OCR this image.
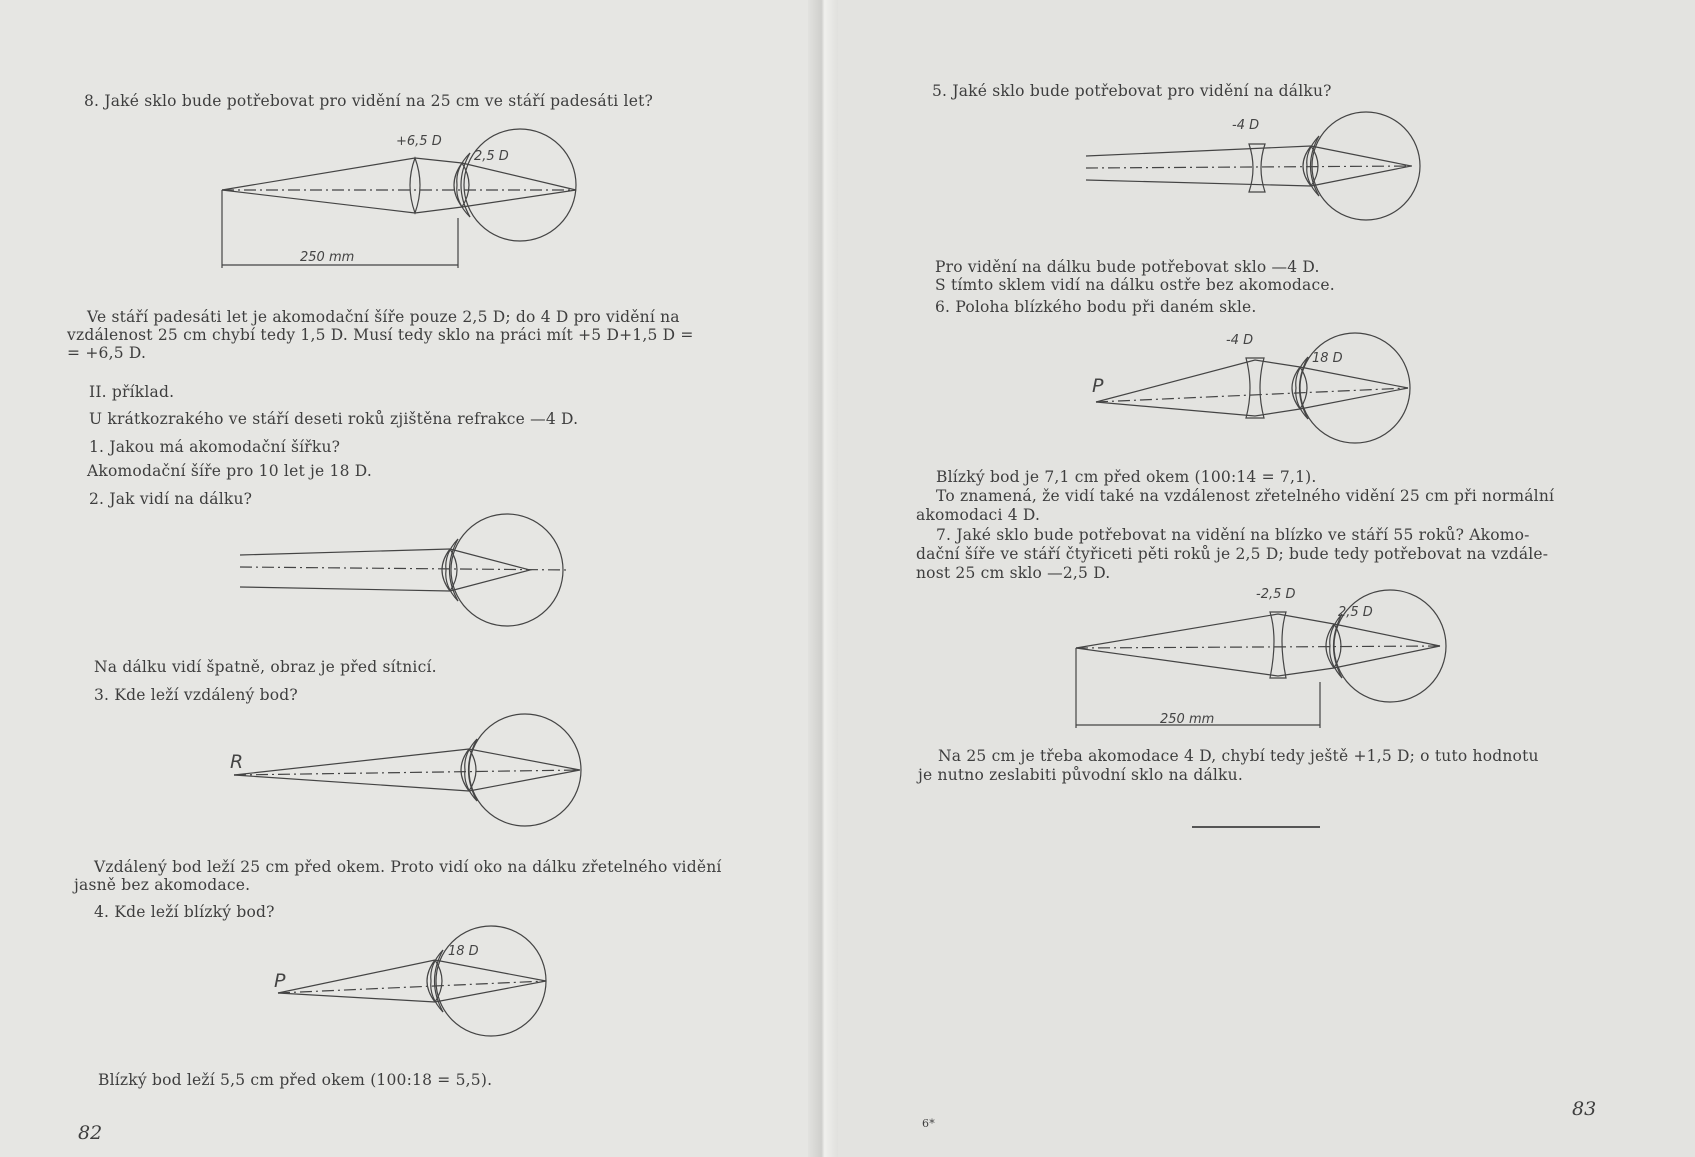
8. Jaké sklo bude potřebovat pro vidění na 25 cm ve stáří padesáti let?
+6,5 D
2,5 D
250 mm
Ve stáří padesáti let je akomodační šíře pouze 2,5 D; do 4 D pro vidění na
vzdálenost 25 cm chybí tedy 1,5 D. Musí tedy sklo na práci mít +5 D+1,5 D =
= +6,5 D.
II. příklad.
U krátkozrakého ve stáří deseti roků zjištěna refrakce —4 D.
1. Jakou má akomodační šířku?
Akomodační šíře pro 10 let je 18 D.
2. Jak vidí na dálku?
Na dálku vidí špatně, obraz je před sítnicí.
3. Kde leží vzdálený bod?
R
Vzdálený bod leží 25 cm před okem. Proto vidí oko na dálku zřetelného vidění
jasně bez akomodace.
4. Kde leží blízký bod?
P
18 D
Blízký bod leží 5,5 cm před okem (100:18 = 5,5).
82
5. Jaké sklo bude potřebovat pro vidění na dálku?
-4 D
Pro vidění na dálku bude potřebovat sklo —4 D.
S tímto sklem vidí na dálku ostře bez akomodace.
6. Poloha blízkého bodu při daném skle.
-4 D
18 D
P
Blízký bod je 7,1 cm před okem (100:14 = 7,1).
To znamená, že vidí také na vzdálenost zřetelného vidění 25 cm při normální
akomodaci 4 D.
7. Jaké sklo bude potřebovat na vidění na blízko ve stáří 55 roků? Akomo-
dační šíře ve stáří čtyřiceti pěti roků je 2,5 D; bude tedy potřebovat na vzdále-
nost 25 cm sklo —2,5 D.
-2,5 D
2,5 D
250 mm
Na 25 cm je třeba akomodace 4 D, chybí tedy ještě +1,5 D; o tuto hodnotu
je nutno zeslabiti původní sklo na dálku.
6*
83
